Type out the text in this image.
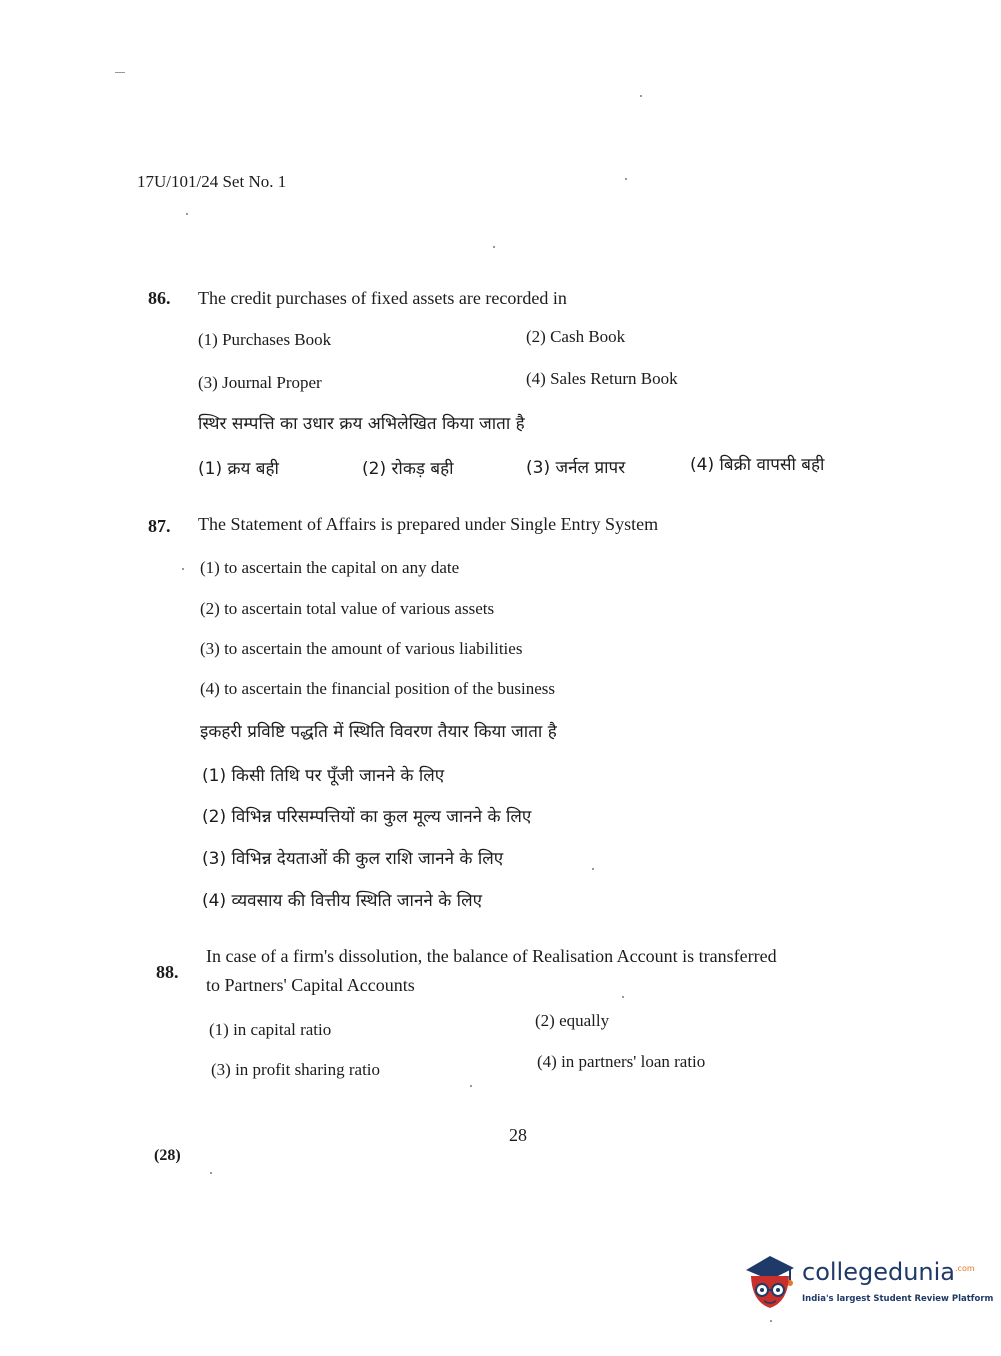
17U/101/24 Set No. 1
86. The credit purchases of fixed assets are recorded in
(1) Purchases Book	(2) Cash Book
(3) Journal Proper	(4) Sales Return Book
स्थिर सम्पत्ति का उधार क्रय अभिलेखित किया जाता है
(1) क्रय बही	(2) रोकड़ बही	(3) जर्नल प्रापर	(4) बिक्री वापसी बही
87. The Statement of Affairs is prepared under Single Entry System
(1) to ascertain the capital on any date
(2) to ascertain total value of various assets
(3) to ascertain the amount of various liabilities
(4) to ascertain the financial position of the business
इकहरी प्रविष्टि पद्धति में स्थिति विवरण तैयार किया जाता है
(1) किसी तिथि पर पूँजी जानने के लिए
(2) विभिन्न परिसम्पत्तियों का कुल मूल्य जानने के लिए
(3) विभिन्न देयताओं की कुल राशि जानने के लिए
(4) व्यवसाय की वित्तीय स्थिति जानने के लिए
88.
In case of a firm's dissolution, the balance of Realisation Account is transferred
to Partners' Capital Accounts
(1) in capital ratio	(2) equally
(3) in profit sharing ratio	(4) in partners' loan ratio
28
(28)
collegedunia$^{.com}$
India's largest Student Review Platform
